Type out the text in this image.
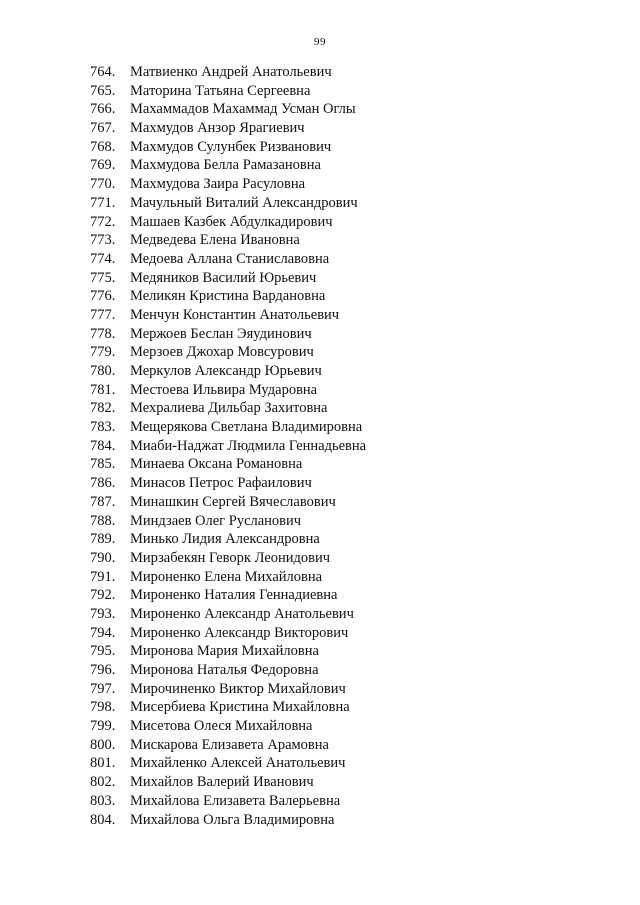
99
764. Матвиенко Андрей Анатольевич
765. Маторина Татьяна Сергеевна
766. Махаммадов Махаммад Усман Оглы
767. Махмудов Анзор Ярагиевич
768. Махмудов Сулунбек Ризванович
769. Махмудова Белла Рамазановна
770. Махмудова Заира Расуловна
771. Мачульный Виталий Александрович
772. Машаев Казбек Абдулкадирович
773. Медведева Елена Ивановна
774. Медоева Аллана Станиславовна
775. Медяников Василий Юрьевич
776. Меликян Кристина Вардановна
777. Менчун Константин Анатольевич
778. Мержоев Беслан Эяудинович
779. Мерзоев Джохар Мовсурович
780. Меркулов Александр Юрьевич
781. Местоева Ильвира Мударовна
782. Мехралиева Дильбар Захитовна
783. Мещерякова Светлана Владимировна
784. Миаби-Наджат Людмила Геннадьевна
785. Минаева Оксана Романовна
786. Минасов Петрос Рафаилович
787. Минашкин Сергей Вячеславович
788. Миндзаев Олег Русланович
789. Минько Лидия Александровна
790. Мирзабекян Геворк Леонидович
791. Мироненко Елена Михайловна
792. Мироненко Наталия Геннадиевна
793. Мироненко Александр Анатольевич
794. Мироненко Александр Викторович
795. Миронова Мария Михайловна
796. Миронова Наталья Федоровна
797. Мирочиненко Виктор Михайлович
798. Мисербиева Кристина Михайловна
799. Мисетова Олеся Михайловна
800. Мискарова Елизавета Арамовна
801. Михайленко Алексей Анатольевич
802. Михайлов Валерий Иванович
803. Михайлова Елизавета Валерьевна
804. Михайлова Ольга Владимировна
